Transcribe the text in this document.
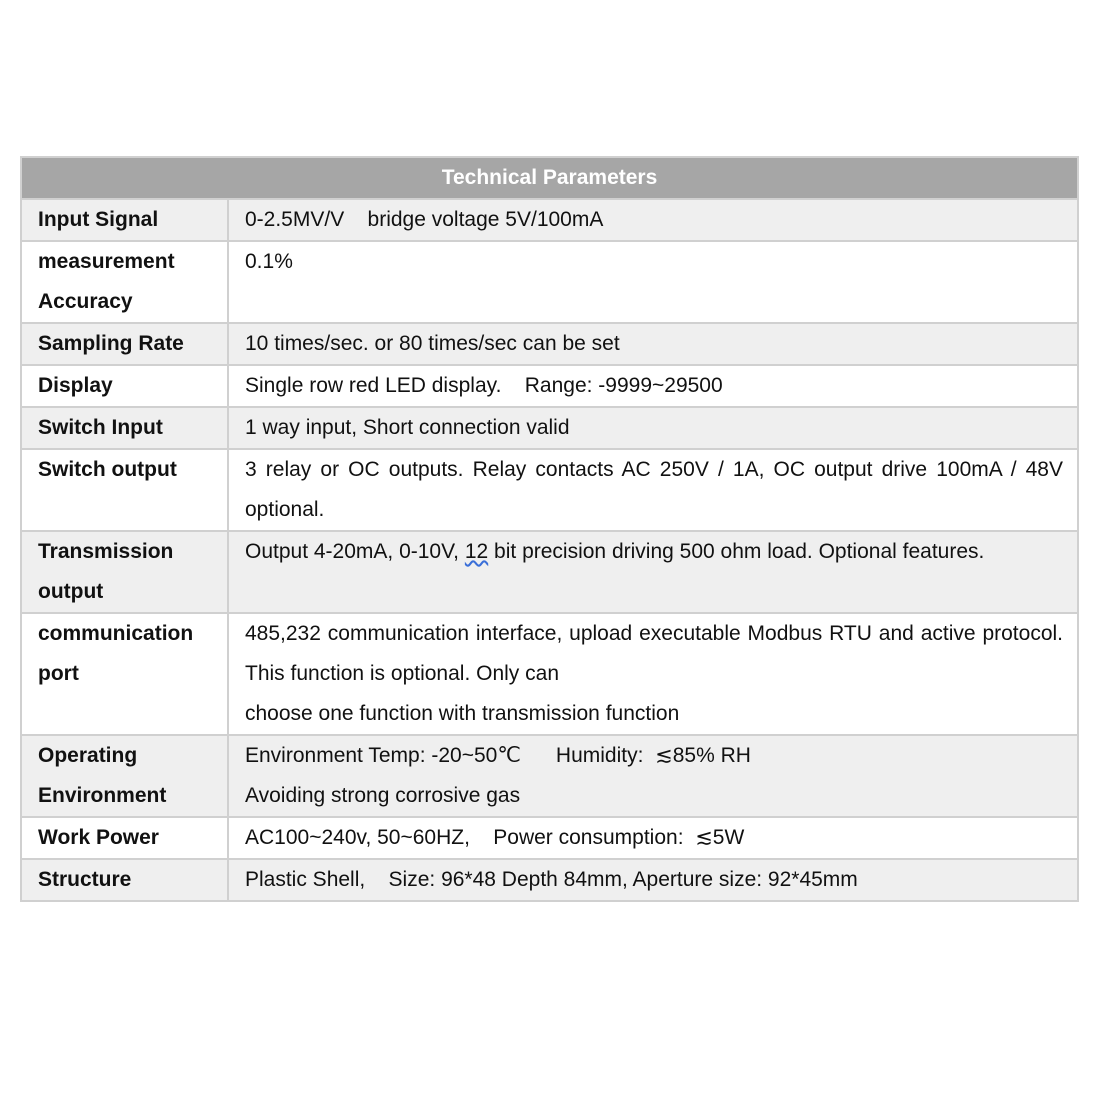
Technical Parameters	
Input Signal	0-2.5MV/V    bridge voltage 5V/100mA
measurement Accuracy	0.1%
Sampling Rate	10 times/sec. or 80 times/sec can be set
Display	Single row red LED display.    Range: -9999~29500
Switch Input	1 way input, Short connection valid
Switch output	3 relay or OC outputs. Relay contacts AC 250V / 1A, OC output drive 100mA / 48V optional.
Transmission output	Output 4-20mA, 0-10V, 12 bit precision driving 500 ohm load. Optional features.
communication port	485,232 communication interface, upload executable Modbus RTU and active protocol. This function is optional. Only can
choose one function with transmission function

Operating Environment	Environment Temp: -20~50℃      Humidity:  ≲85% RH
Avoiding strong corrosive gas

Work Power	AC100~240v, 50~60HZ,    Power consumption:  ≲5W
Structure	Plastic Shell,    Size: 96*48 Depth 84mm, Aperture size: 92*45mm
